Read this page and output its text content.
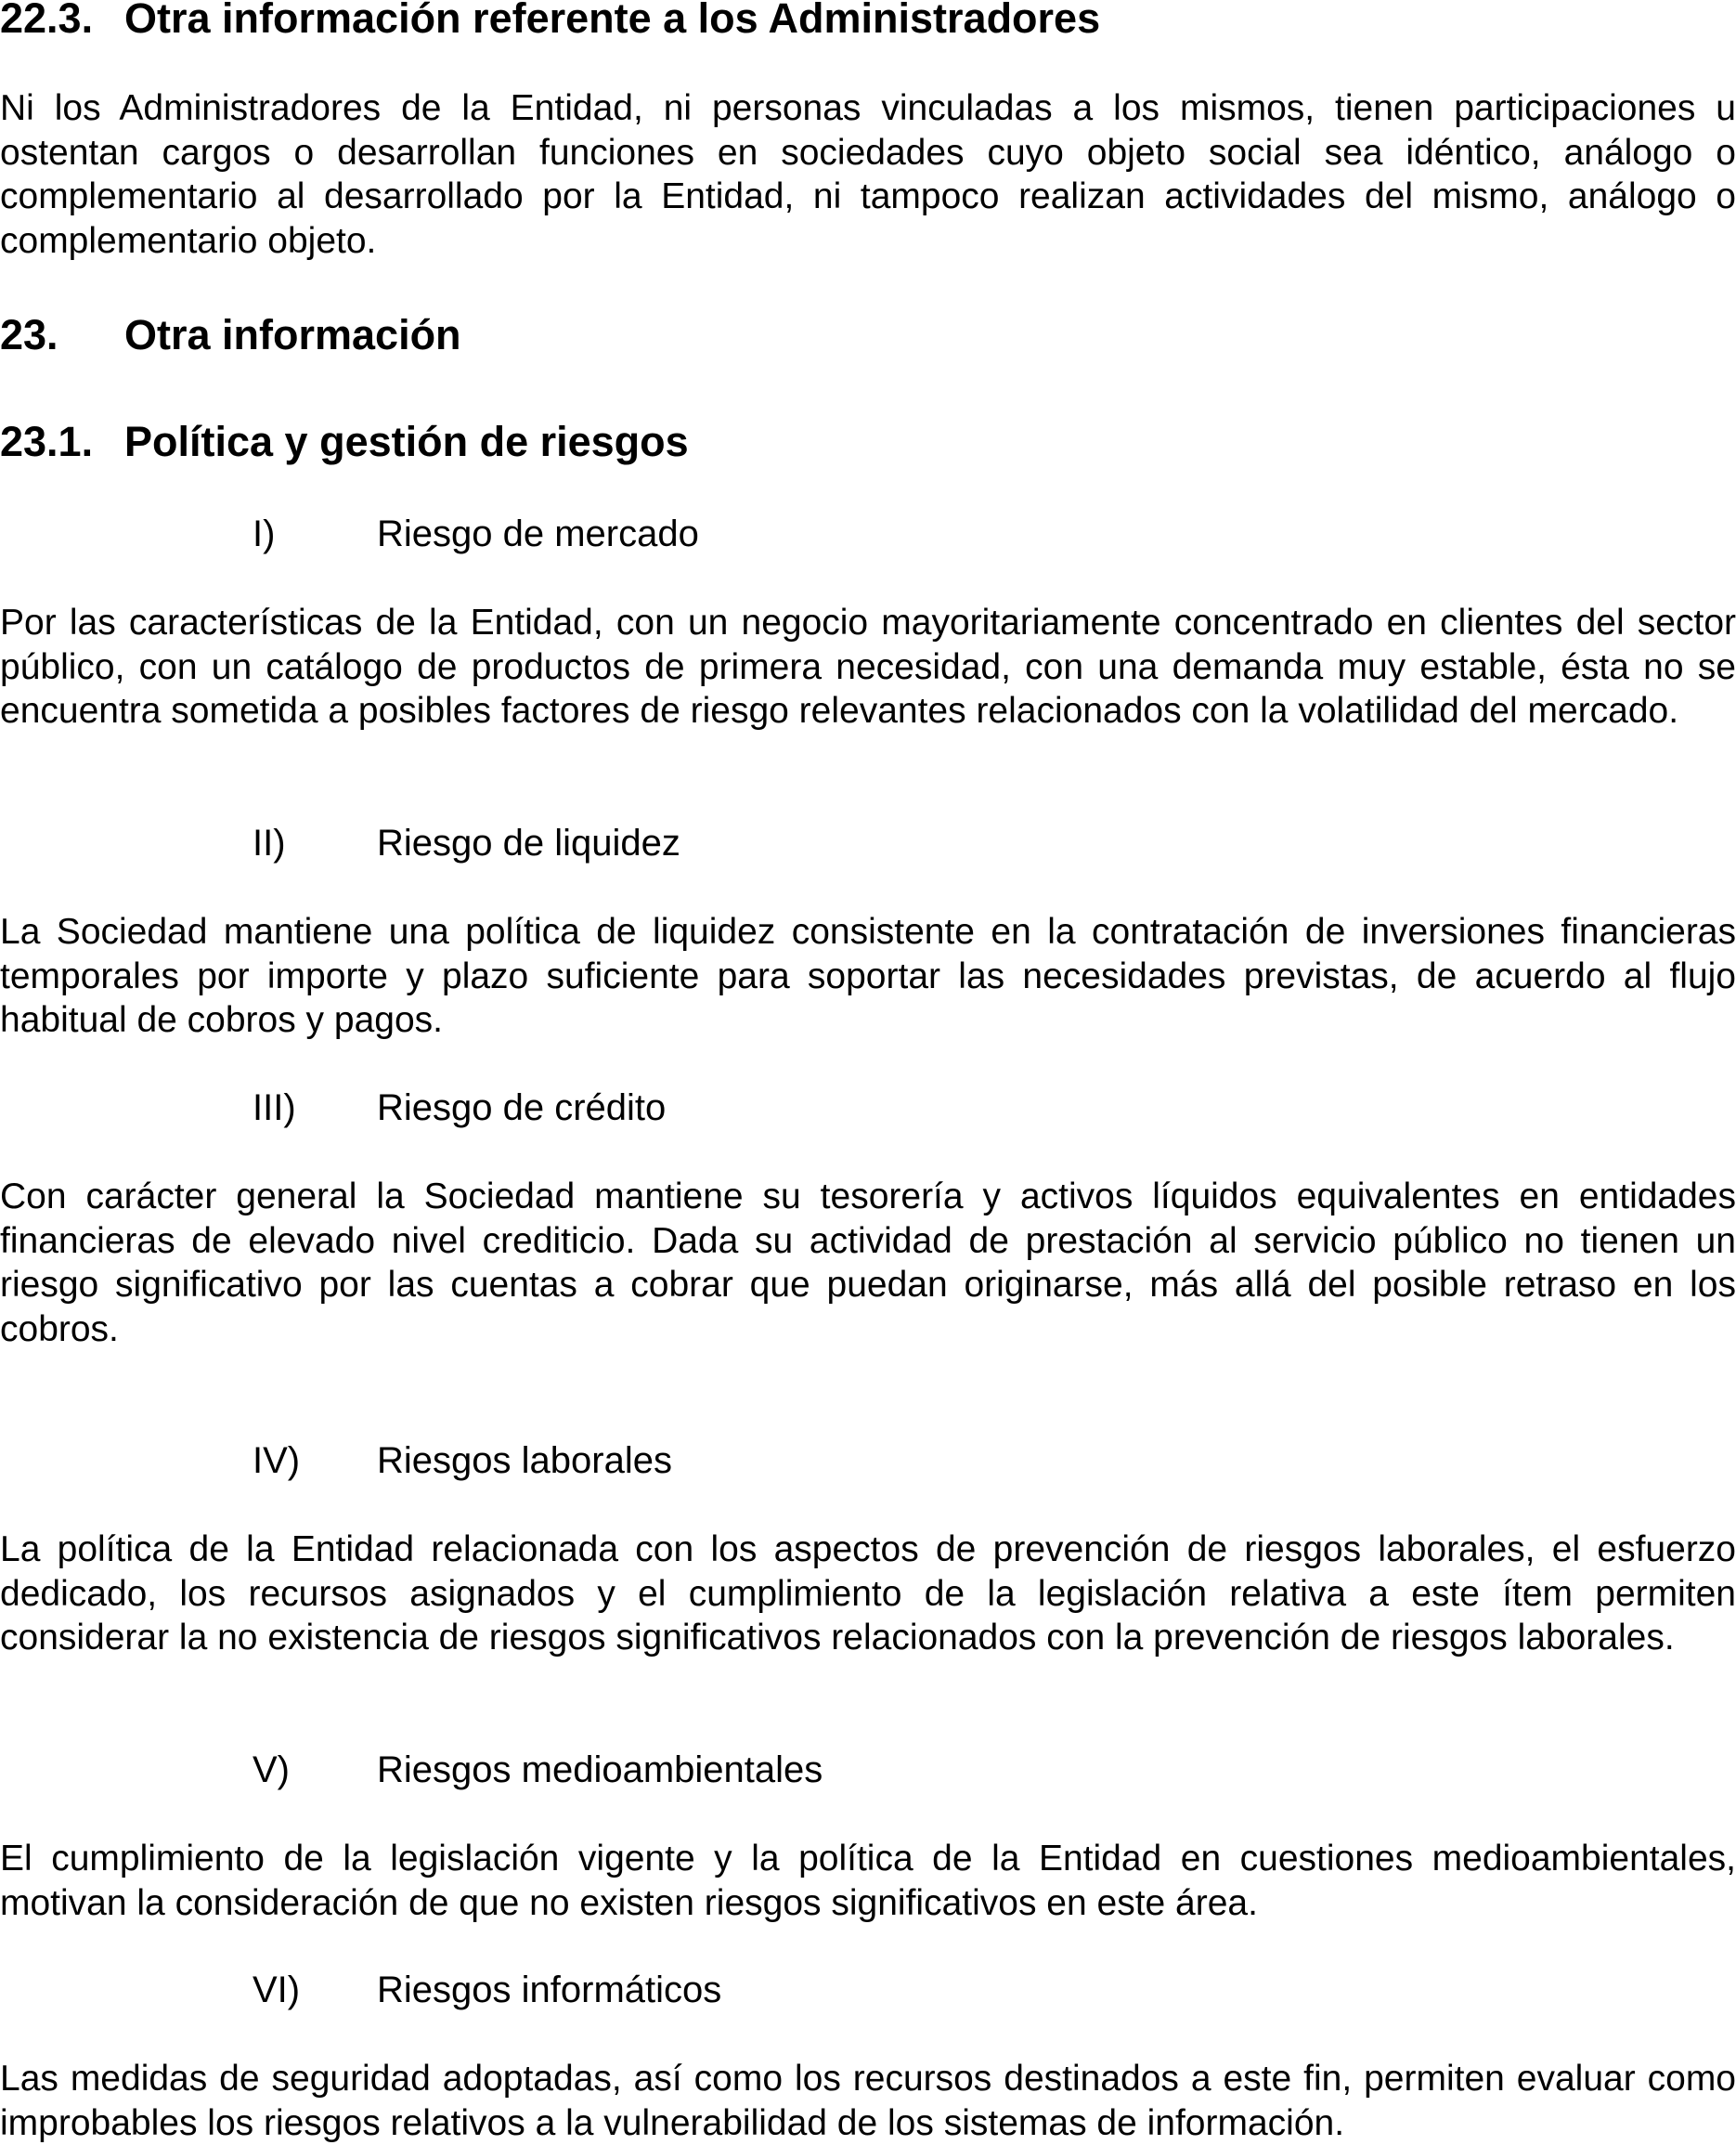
22.3. Otra información referente a los Administradores

Ni los Administradores de la Entidad, ni personas vinculadas a los mismos, tienen participaciones u ostentan cargos o desarrollan funciones en sociedades cuyo objeto social sea idéntico, análogo o complementario al desarrollado por la Entidad, ni tampoco realizan actividades del mismo, análogo o complementario objeto.

23. Otra información
23.1. Política y gestión de riesgos
I)	Riesgo de mercado

Por las características de la Entidad, con un negocio mayoritariamente concentrado en clientes del sector público, con un catálogo de productos de primera necesidad, con una demanda muy estable, ésta no se encuentra sometida a posibles factores de riesgo relevantes relacionados con la volatilidad del mercado.

II) Riesgo de liquidez

La Sociedad mantiene una política de liquidez consistente en la contratación de inversiones financieras temporales por importe y plazo suficiente para soportar las necesidades previstas, de acuerdo al flujo habitual de cobros y pagos.

III) Riesgo de crédito

Con carácter general la Sociedad mantiene su tesorería y activos líquidos equivalentes en entidades financieras de elevado nivel crediticio. Dada su actividad de prestación al servicio público no tienen un riesgo significativo por las cuentas a cobrar que puedan originarse, más allá del posible retraso en los cobros.

IV) Riesgos laborales

La política de la Entidad relacionada con los aspectos de prevención de riesgos laborales, el esfuerzo dedicado, los recursos asignados y el cumplimiento de la legislación relativa a este ítem permiten considerar la no existencia de riesgos significativos relacionados con la prevención de riesgos laborales.

V) Riesgos medioambientales

El cumplimiento de la legislación vigente y la política de la Entidad en cuestiones medioambientales, motivan la consideración de que no existen riesgos significativos en este área.

VI) Riesgos informáticos

Las medidas de seguridad adoptadas, así como los recursos destinados a este fin, permiten evaluar como improbables los riesgos relativos a la vulnerabilidad de los sistemas de información.
